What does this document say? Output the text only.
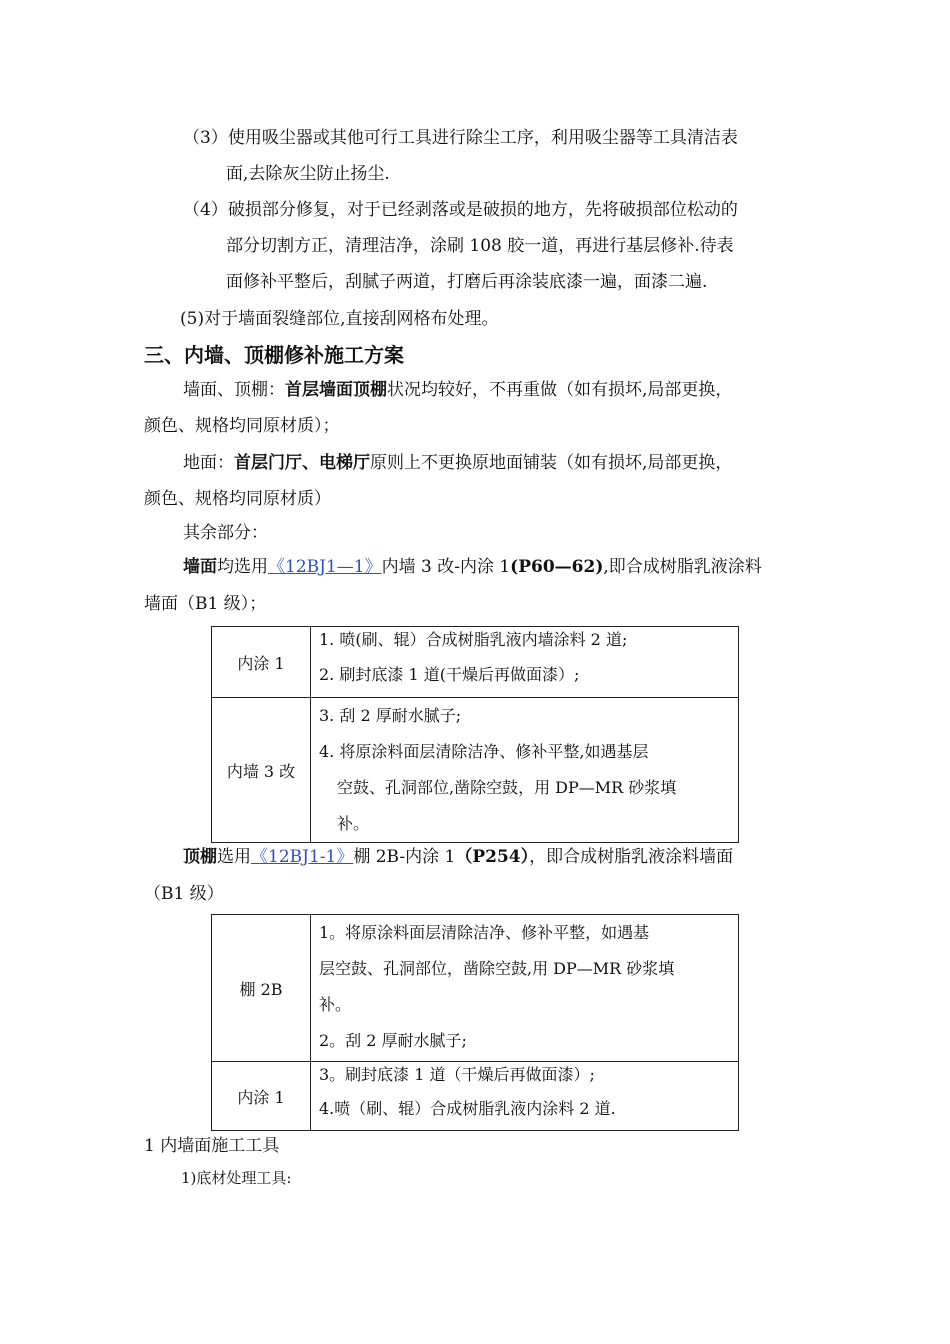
（3）使用吸尘器或其他可行工具进行除尘工序，利用吸尘器等工具清洁表
面,去除灰尘防止扬尘.
（4）破损部分修复，对于已经剥落或是破损的地方，先将破损部位松动的
部分切割方正，清理洁净，涂刷 108 胶一道，再进行基层修补.待表
面修补平整后，刮腻子两道，打磨后再涂装底漆一遍，面漆二遍.
(5)对于墙面裂缝部位,直接刮网格布处理。
三、内墙、顶棚修补施工方案
墙面、顶棚：首层墙面顶棚状况均较好，不再重做（如有损坏,局部更换，
颜色、规格均同原材质）；
地面：首层门厅、电梯厅原则上不更换原地面铺装（如有损坏,局部更换，
颜色、规格均同原材质）
其余部分：
墙面均选用《12BJ1—1》内墙 3 改-内涂 1(P60—62),即合成树脂乳液涂料
墙面（B1 级）；
内涂 1	1. 喷(刷、辊）合成树脂乳液内墙涂料 2 道;
2. 刷封底漆 1 道(干燥后再做面漆）;

内墙 3 改	3. 刮 2 厚耐水腻子;
4. 将原涂料面层清除洁净、修补平整,如遇基层
空鼓、孔洞部位,凿除空鼓，用 DP—MR 砂浆填
补。
顶棚选用《12BJ1-1》棚 2B-内涂 1（P254），即合成树脂乳液涂料墙面
（B1 级）
棚 2B	1。将原涂料面层清除洁净、修补平整，如遇基
层空鼓、孔洞部位，凿除空鼓,用 DP—MR 砂浆填
补。
2。刮 2 厚耐水腻子;

内涂 1	3。刷封底漆 1 道（干燥后再做面漆）;
4.喷（刷、辊）合成树脂乳液内涂料 2 道.
1 内墙面施工工具
1)底材处理工具:
